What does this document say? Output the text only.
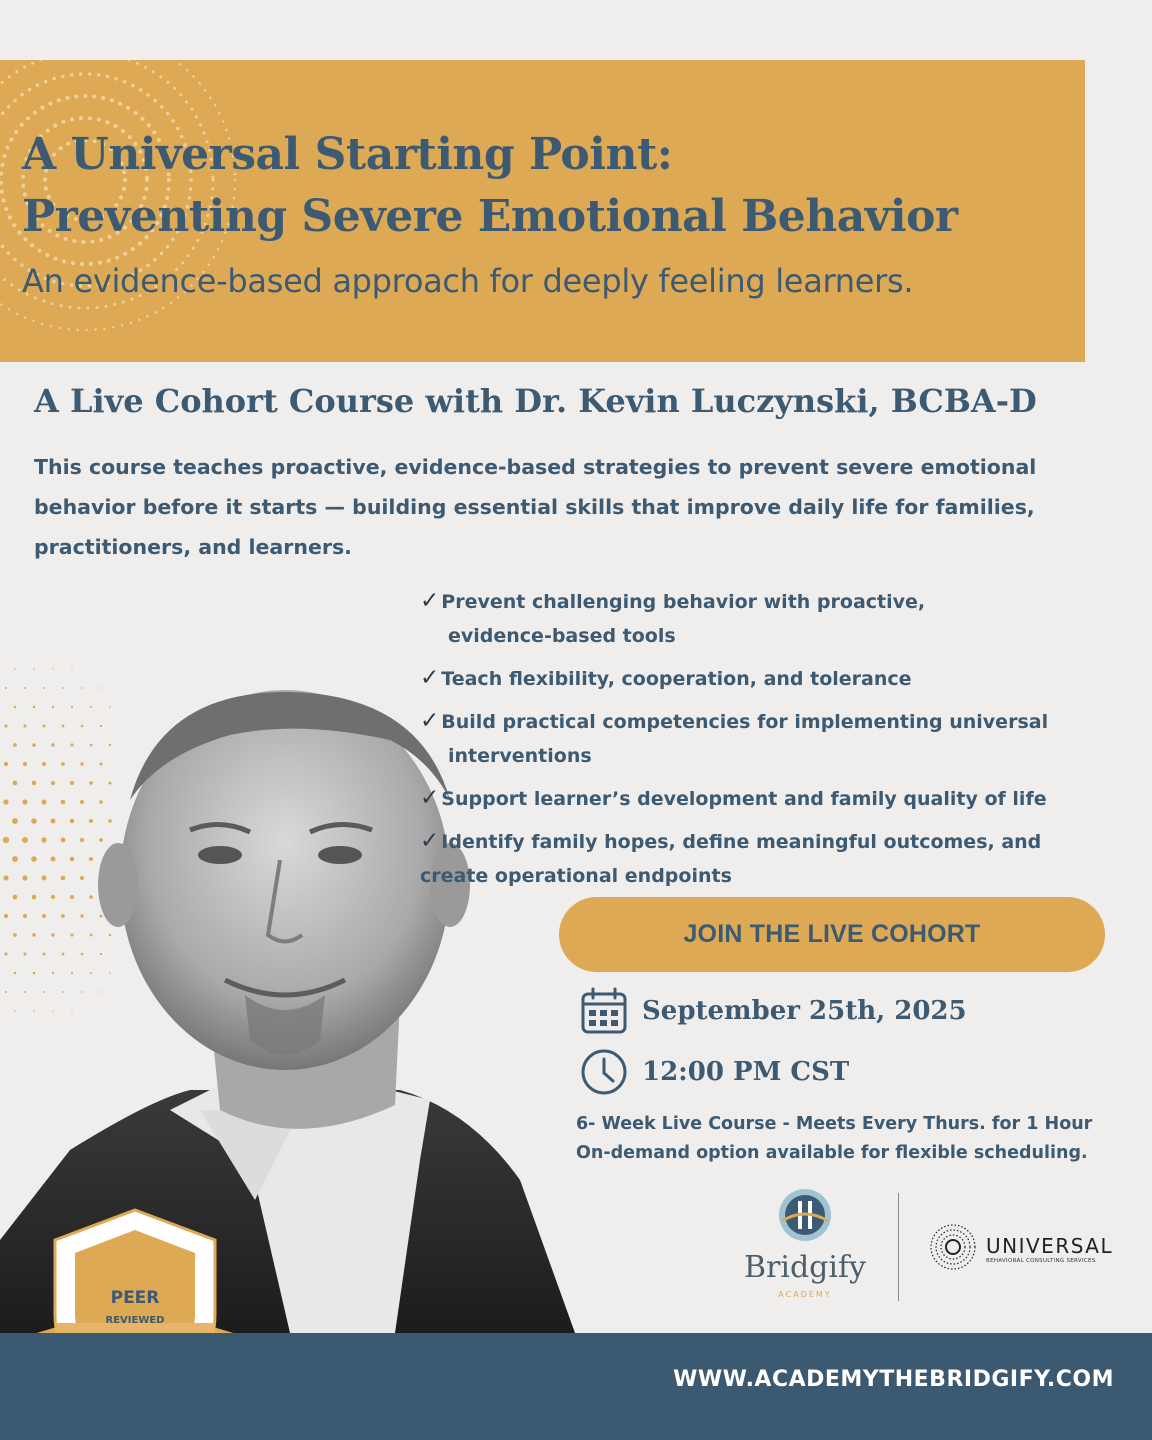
A Universal Starting Point:
Preventing Severe Emotional Behavior
An evidence-based approach for deeply feeling learners.
A Live Cohort Course with Dr. Kevin Luczynski, BCBA-D
This course teaches proactive, evidence-based strategies to prevent severe emotional behavior before it starts — building essential skills that improve daily life for families, practitioners, and learners.
PEER
REVIEWED
✓ Prevent challenging behavior with proactive,
evidence-based tools
✓ Teach flexibility, cooperation, and tolerance
✓ Build practical competencies for implementing universal
interventions
✓ Support learner’s development and family quality of life
✓ Identify family hopes, define meaningful outcomes, and
create operational endpoints
JOIN THE LIVE COHORT
September 25th, 2025
12:00 PM CST
6- Week Live Course - Meets Every Thurs. for 1 Hour
On-demand option available for flexible scheduling.
Bridgify
ACADEMY
UNIVERSAL
BEHAVIORAL CONSULTING SERVICES
WWW.ACADEMYTHEBRIDGIFY.COM
